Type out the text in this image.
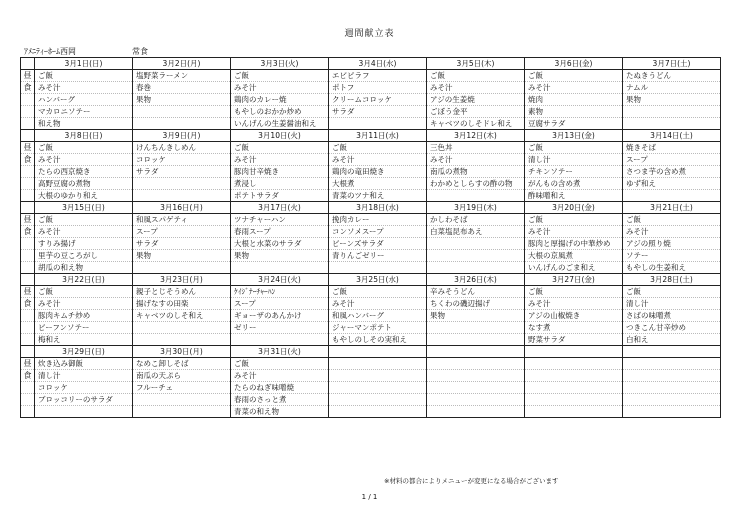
週間献立表
ｱﾒﾆﾃｨｰﾎｰﾑ西岡	常食
	3月1日(日)	3月2日(月)	3月3日(火)	3月4日(水)	3月5日(木)	3月6日(金)	3月7日(土)
昼	ご飯	塩野菜ラーメン	ご飯	エビピラフ	ご飯	ご飯	たぬきうどん
食	みそ汁	春巻	みそ汁	ポトフ	みそ汁	みそ汁	ナムル
	ハンバーグ	果物	鶏肉のカレー焼	クリームコロッケ	アジの生姜焼	焼肉	果物
	マカロニソテー		もやしのおかか炒め	サラダ	ごぼう金平	素物	
	和え物		いんげんの生姜醤油和え		キャベツのしそドレ和え	豆腐サラダ	
	3月8日(日)	3月9日(月)	3月10日(火)	3月11日(水)	3月12日(木)	3月13日(金)	3月14日(土)
昼	ご飯	けんちんきしめん	ご飯	ご飯	三色丼	ご飯	焼きそば
食	みそ汁	コロッケ	みそ汁	みそ汁	みそ汁	清し汁	スープ
	たらの西京焼き	サラダ	豚肉甘辛焼き	鶏肉の竜田焼き	南瓜の煮物	チキンソテー	さつま芋の含め煮
	高野豆腐の煮物		煮浸し	大根煮	わかめとしらすの酢の物	がんもの含め煮	ゆず和え
	大根のゆかり和え		ポテトサラダ	青菜のツナ和え		酢味噌和え	
	3月15日(日)	3月16日(月)	3月17日(火)	3月18日(水)	3月19日(木)	3月20日(金)	3月21日(土)
昼	ご飯	和風スパゲティ	ツナチャーハン	挽肉カレー	かしわそば	ご飯	ご飯
食	みそ汁	スープ	春雨スープ	コンソメスープ	白菜塩昆布あえ	みそ汁	みそ汁
	すりみ揚げ	サラダ	大根と水菜のサラダ	ビーンズサラダ		豚肉と厚揚げの中華炒め	アジの照り焼
	里芋の豆ころがし	果物	果物	青りんごゼリー		大根の京風煮	ソテー
	胡瓜の和え物					いんげんのごま和え	もやしの生姜和え
	3月22日(日)	3月23日(月)	3月24日(火)	3月25日(水)	3月26日(木)	3月27日(金)	3月28日(土)
昼	ご飯	親子とじそうめん	ｹｲｼﾞﾅｰﾁｬｰﾊﾝ	ご飯	辛みそうどん	ご飯	ご飯
食	みそ汁	揚げなすの田楽	スープ	みそ汁	ちくわの磯辺揚げ	みそ汁	清し汁
	豚肉キムチ炒め	キャベツのしそ和え	ギョーザのあんかけ	和風ハンバーグ	果物	アジの山椒焼き	さばの味噌煮
	ビーフンソテー		ゼリー	ジャーマンポテト		なす煮	つきこん甘辛炒め
	梅和え			もやしのしその実和え		野菜サラダ	白和え
	3月29日(日)	3月30日(月)	3月31日(火)				
昼	炊き込み御飯	なめこ卸しそば	ご飯				
食	清し汁	南瓜の天ぷら	みそ汁				
	コロッケ	フルーチェ	たらのねぎ味噌焼				
	ブロッコリーのサラダ		春雨のさっと煮				
			青菜の和え物				

※材料の都合によりメニューが変更になる場合がございます
1 / 1
